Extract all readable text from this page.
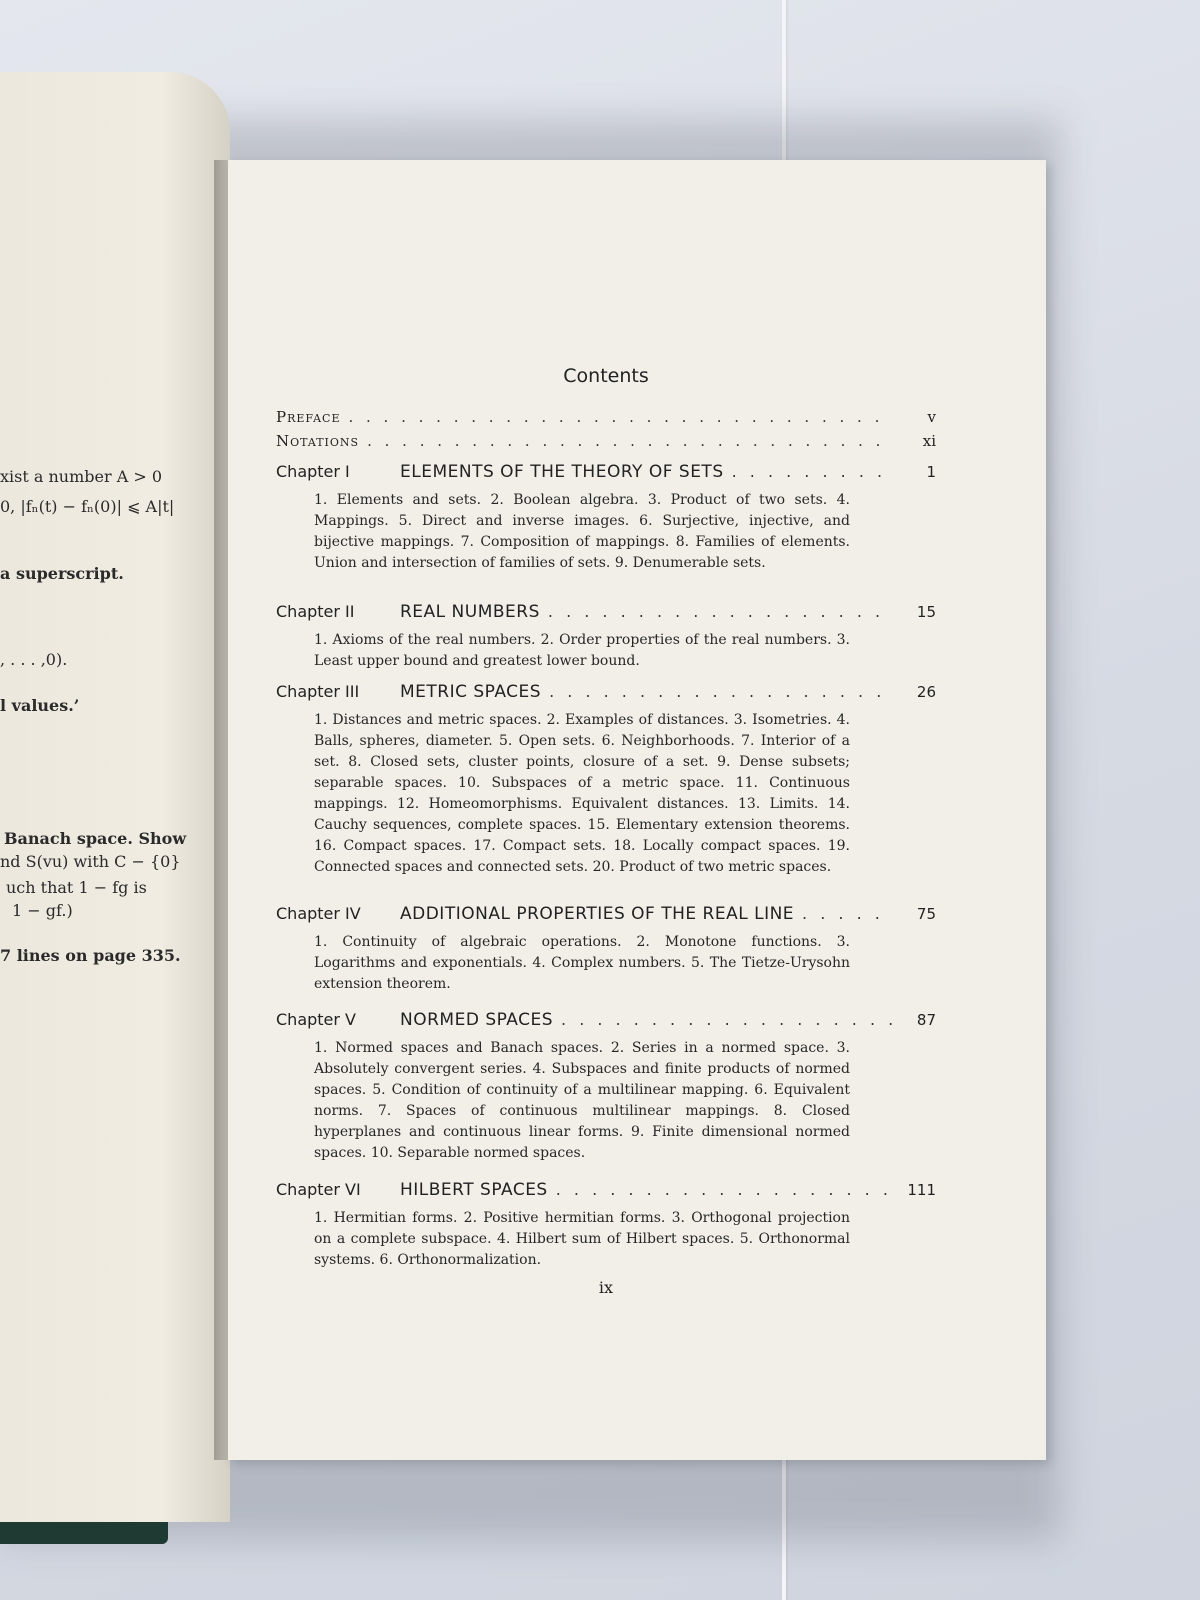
xist a number A > 0
0, |fₙ(t) − fₙ(0)| ⩽ A|t|
a superscript.
, . . . ,0).
l values.’
Banach space. Show
nd S(vu) with C − {0}
uch that 1 − fg is
1 − gf.)
7 lines on page 335.
Contents
Preface . . .	v
Notations . . .	xi
Chapter I	ELEMENTS OF THE THEORY OF SETS . . .	1
1. Elements and sets. 2. Boolean algebra. 3. Product of two sets. 4. Mappings. 5. Direct and inverse images. 6. Surjective, injective, and bijective mappings. 7. Composition of mappings. 8. Families of elements. Union and intersection of families of sets. 9. Denumerable sets.
Chapter II	REAL NUMBERS . . .	15
1. Axioms of the real numbers. 2. Order properties of the real numbers. 3. Least upper bound and greatest lower bound.
Chapter III	METRIC SPACES . . .	26
1. Distances and metric spaces. 2. Examples of distances. 3. Isometries. 4. Balls, spheres, diameter. 5. Open sets. 6. Neighborhoods. 7. Interior of a set. 8. Closed sets, cluster points, closure of a set. 9. Dense subsets; separable spaces. 10. Subspaces of a metric space. 11. Continuous mappings. 12. Homeomorphisms. Equivalent distances. 13. Limits. 14. Cauchy sequences, complete spaces. 15. Elementary extension theorems. 16. Compact spaces. 17. Compact sets. 18. Locally compact spaces. 19. Connected spaces and connected sets. 20. Product of two metric spaces.
Chapter IV	ADDITIONAL PROPERTIES OF THE REAL LINE . . .	75
1. Continuity of algebraic operations. 2. Monotone functions. 3. Logarithms and exponentials. 4. Complex numbers. 5. The Tietze-Urysohn extension theorem.
Chapter V	NORMED SPACES . . .	87
1. Normed spaces and Banach spaces. 2. Series in a normed space. 3. Absolutely convergent series. 4. Subspaces and finite products of normed spaces. 5. Condition of continuity of a multilinear mapping. 6. Equivalent norms. 7. Spaces of continuous multilinear mappings. 8. Closed hyperplanes and continuous linear forms. 9. Finite dimensional normed spaces. 10. Separable normed spaces.
Chapter VI	HILBERT SPACES . . .	111
1. Hermitian forms. 2. Positive hermitian forms. 3. Orthogonal projection on a complete subspace. 4. Hilbert sum of Hilbert spaces. 5. Orthonormal systems. 6. Orthonormalization.
ix
